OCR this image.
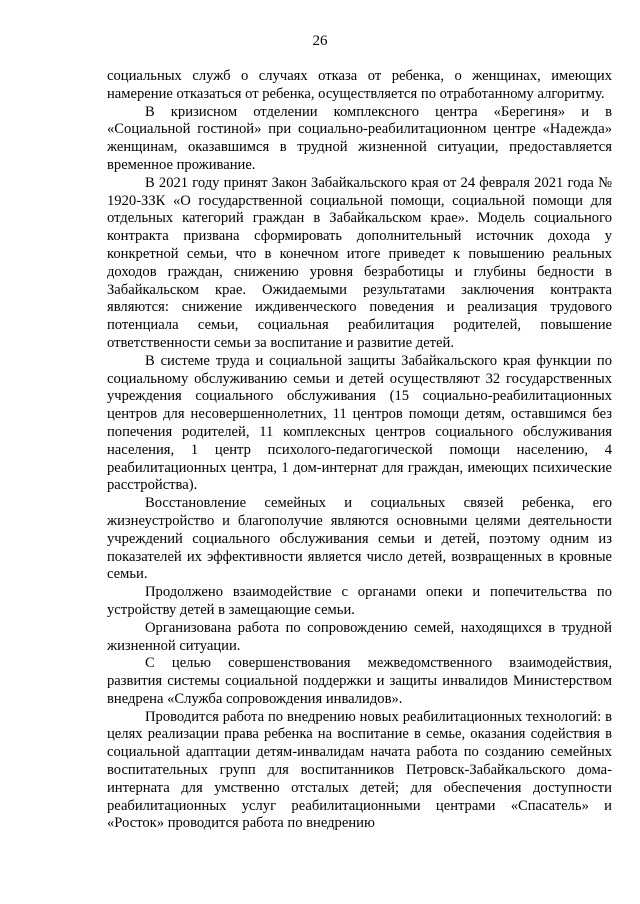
26

социальных служб о случаях отказа от ребенка, о женщинах, имеющих намерение отказаться от ребенка, осуществляется по отработанному алгоритму.

В кризисном отделении комплексного центра «Берегиня» и в «Социальной гостиной» при социально-реабилитационном центре «Надежда» женщинам, оказавшимся в трудной жизненной ситуации, предоставляется временное проживание.

В 2021 году принят Закон Забайкальского края от 24 февраля 2021 года № 1920-ЗЗК «О государственной социальной помощи, социальной помощи для отдельных категорий граждан в Забайкальском крае». Модель социального контракта призвана сформировать дополнительный источник дохода у конкретной семьи, что в конечном итоге приведет к повышению реальных доходов граждан, снижению уровня безработицы и глубины бедности в Забайкальском крае. Ожидаемыми результатами заключения контракта являются: снижение иждивенческого поведения и реализация трудового потенциала семьи, социальная реабилитация родителей, повышение ответственности семьи за воспитание и развитие детей.

В системе труда и социальной защиты Забайкальского края функции по социальному обслуживанию семьи и детей осуществляют 32 государственных учреждения социального обслуживания (15 социально-реабилитационных центров для несовершеннолетних, 11 центров помощи детям, оставшимся без попечения родителей, 11 комплексных центров социального обслуживания населения, 1 центр психолого-педагогической помощи населению, 4 реабилитационных центра, 1 дом-интернат для граждан, имеющих психические расстройства).

Восстановление семейных и социальных связей ребенка, его жизнеустройство и благополучие являются основными целями деятельности учреждений социального обслуживания семьи и детей, поэтому одним из показателей их эффективности является число детей, возвращенных в кровные семьи.

Продолжено взаимодействие с органами опеки и попечительства по устройству детей в замещающие семьи.

Организована работа по сопровождению семей, находящихся в трудной жизненной ситуации.

С целью совершенствования межведомственного взаимодействия, развития системы социальной поддержки и защиты инвалидов Министерством внедрена «Служба сопровождения инвалидов».

Проводится работа по внедрению новых реабилитационных технологий: в целях реализации права ребенка на воспитание в семье, оказания содействия в социальной адаптации детям-инвалидам начата работа по созданию семейных воспитательных групп для воспитанников Петровск-Забайкальского дома-интерната для умственно отсталых детей; для обеспечения доступности реабилитационных услуг реабилитационными центрами «Спасатель» и «Росток» проводится работа по внедрению
